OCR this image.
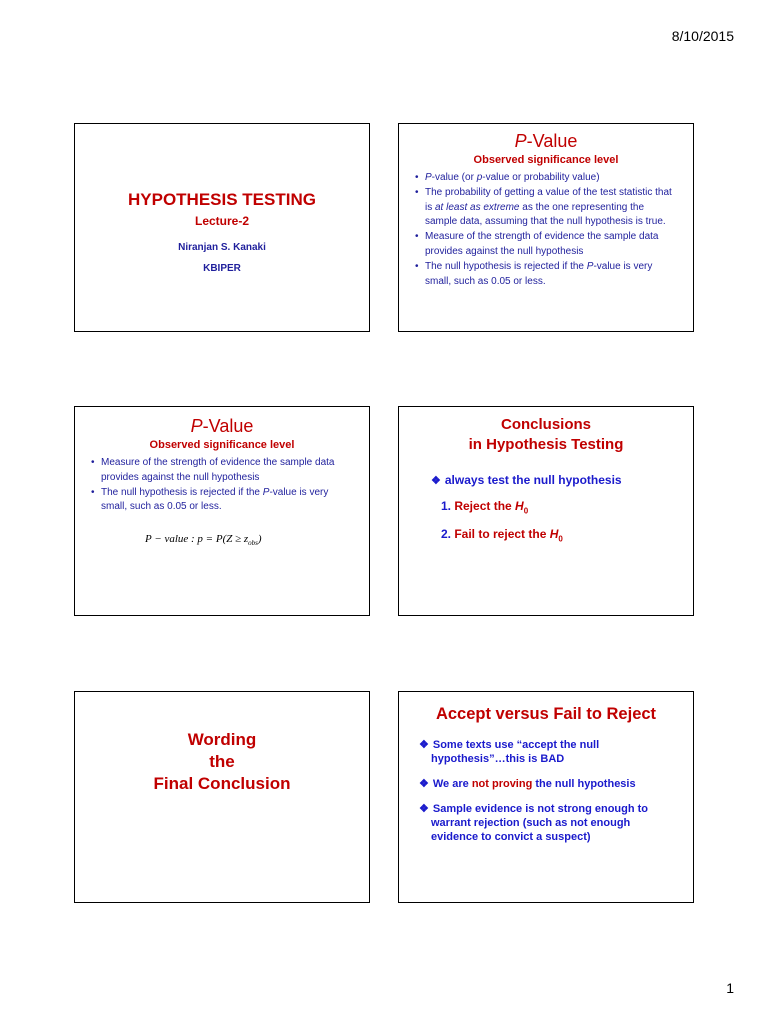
8/10/2015
HYPOTHESIS TESTING
Lecture-2
Niranjan S. Kanaki
KBIPER
P-Value
Observed significance level
• P-value (or p-value or probability value)
• The probability of getting a value of the test statistic that is at least as extreme as the one representing the sample data, assuming that the null hypothesis is true.
• Measure of the strength of evidence the sample data provides against the null hypothesis
• The null hypothesis is rejected if the P-value is very small, such as 0.05 or less.
P-Value
Observed significance level
• Measure of the strength of evidence the sample data provides against the null hypothesis
• The null hypothesis is rejected if the P-value is very small, such as 0.05 or less.
P − value : $p = P(Z \ge z_{obs})$
Conclusions
in Hypothesis Testing
❖ always test the null hypothesis
1. Reject the $H_0$
2. Fail to reject the $H_0$
Wording
the
Final Conclusion
Accept versus Fail to Reject
❖ Some texts use “accept the null hypothesis”…this is BAD
❖ We are not proving the null hypothesis
❖ Sample evidence is not strong enough to warrant rejection (such as not enough evidence to convict a suspect)
1
